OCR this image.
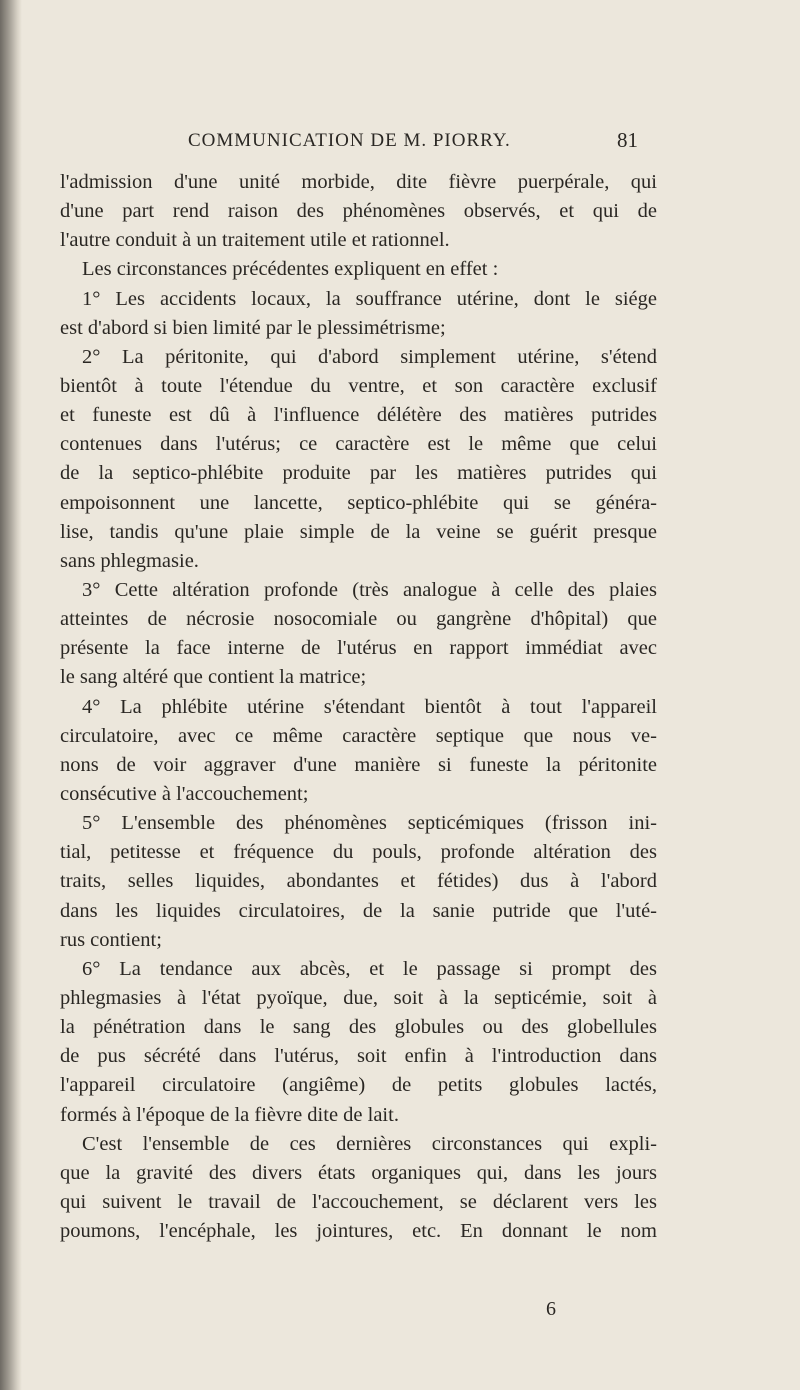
COMMUNICATION DE M. PIORRY.	81
l'admission d'une unité morbide, dite fièvre puerpérale, qui
d'une part rend raison des phénomènes observés, et qui de
l'autre conduit à un traitement utile et rationnel.
Les circonstances précédentes expliquent en effet :
1° Les accidents locaux, la souffrance utérine, dont le siége
est d'abord si bien limité par le plessimétrisme;
2° La péritonite, qui d'abord simplement utérine, s'étend
bientôt à toute l'étendue du ventre, et son caractère exclusif
et funeste est dû à l'influence délétère des matières putrides
contenues dans l'utérus; ce caractère est le même que celui
de la septico-phlébite produite par les matières putrides qui
empoisonnent une lancette, septico-phlébite qui se généra-
lise, tandis qu'une plaie simple de la veine se guérit presque
sans phlegmasie.
3° Cette altération profonde (très analogue à celle des plaies
atteintes de nécrosie nosocomiale ou gangrène d'hôpital) que
présente la face interne de l'utérus en rapport immédiat avec
le sang altéré que contient la matrice;
4° La phlébite utérine s'étendant bientôt à tout l'appareil
circulatoire, avec ce même caractère septique que nous ve-
nons de voir aggraver d'une manière si funeste la péritonite
consécutive à l'accouchement;
5° L'ensemble des phénomènes septicémiques (frisson ini-
tial, petitesse et fréquence du pouls, profonde altération des
traits, selles liquides, abondantes et fétides) dus à l'abord
dans les liquides circulatoires, de la sanie putride que l'uté-
rus contient;
6° La tendance aux abcès, et le passage si prompt des
phlegmasies à l'état pyoïque, due, soit à la septicémie, soit à
la pénétration dans le sang des globules ou des globellules
de pus sécrété dans l'utérus, soit enfin à l'introduction dans
l'appareil circulatoire (angiême) de petits globules lactés,
formés à l'époque de la fièvre dite de lait.
C'est l'ensemble de ces dernières circonstances qui expli-
que la gravité des divers états organiques qui, dans les jours
qui suivent le travail de l'accouchement, se déclarent vers les
poumons, l'encéphale, les jointures, etc. En donnant le nom
6
